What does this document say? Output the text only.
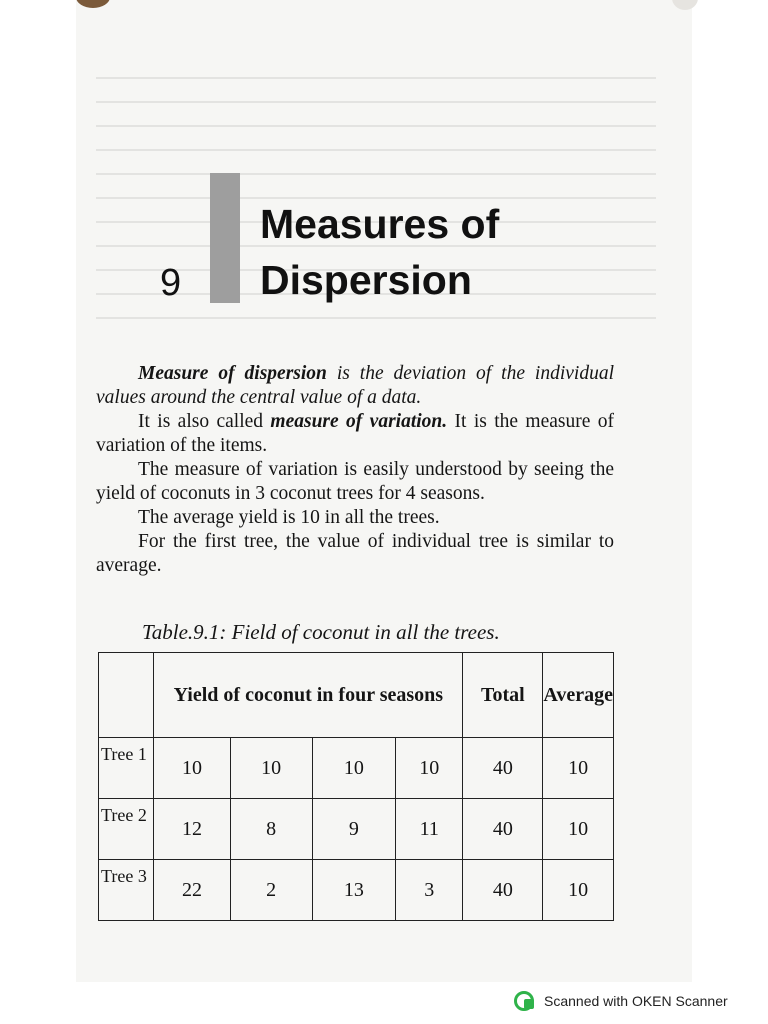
9
Measures of
Dispersion

Measure of dispersion is the deviation of the individual values around the central value of a data.

It is also called measure of variation. It is the measure of variation of the items.

The measure of variation is easily understood by seeing the yield of coconuts in 3 coconut trees for 4 seasons.

The average yield is 10 in all the trees.

For the first tree, the value of individual tree is similar to average.

Table.9.1: Field of coconut in all the trees.
	Yield of coconut in four seasons				Total	Average
Tree 1	10	10	10	10	40	10
Tree 2	12	8	9	11	40	10
Tree 3	22	2	13	3	40	10
Scanned with OKEN Scanner
